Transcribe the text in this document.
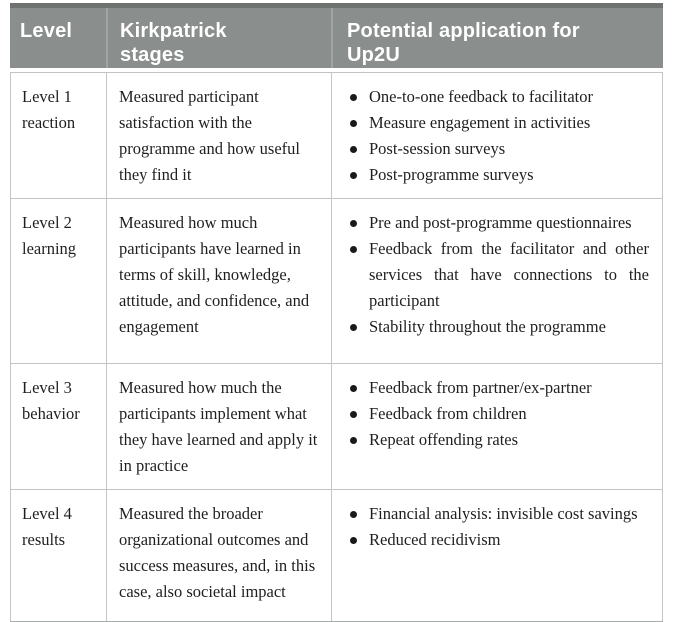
Level	Kirkpatrick
stages
Potential application for
Up2U
Level 1
reaction
Measured participant satisfaction with the programme and how useful they find it
One-to-one feedback to facilitator
Measure engagement in activities
Post-session surveys
Post-programme surveys
Level 2
learning
Measured how much participants have learned in terms of skill, knowledge, attitude, and confidence, and engagement
Pre and post-programme questionnaires
Feedback from the facilitator and other services that have connections to the participant
Stability throughout the programme
Level 3
behavior
Measured how much the participants implement what they have learned and apply it in practice
Feedback from partner/ex-partner
Feedback from children
Repeat offending rates
Level 4
results
Measured the broader organizational outcomes and success measures, and, in this case, also societal impact
Financial analysis: invisible cost savings
Reduced recidivism
